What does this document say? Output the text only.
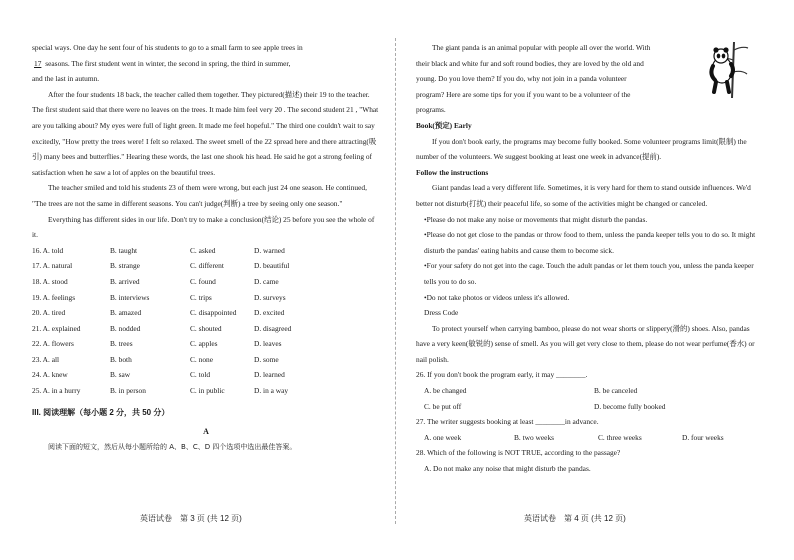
special ways. One day he sent four of his students to go to a small farm to see apple trees in

17 seasons. The first student went in winter, the second in spring, the third in summer,

and the last in autumn.

After the four students 18 back, the teacher called them together. They pictured(描述) their 19 to the teacher. The first student said that there were no leaves on the trees. It made him feel very 20 . The second student 21 , "What are you talking about? My eyes were full of light green. It made me feel hopeful." The third one couldn't wait to say excitedly, "How pretty the trees were! I felt so relaxed. The sweet smell of the 22 spread here and there attracting(吸引) many bees and butterflies." Hearing these words, the last one shook his head. He said he got a strong feeling of satisfaction when he saw a lot of apples on the beautiful trees.

The teacher smiled and told his students 23 of them were wrong, but each just 24 one season. He continued, "The trees are not the same in different seasons. You can't judge(判断) a tree by seeing only one season."

Everything has different sides in our life. Don't try to make a conclusion(结论) 25 before you see the whole of it.

16. A. told	B. taught	C. asked	D. warned
17. A. natural	B. strange	C. different	D. beautiful
18. A. stood	B. arrived	C. found	D. came
19. A. feelings	B. interviews	C. trips	D. surveys
20. A. tired	B. amazed	C. disappointed	D. excited
21. A. explained	B. nodded	C. shouted	D. disagreed
22. A. flowers	B. trees	C. apples	D. leaves
23. A. all	B. both	C. none	D. some
24. A. knew	B. saw	C. told	D. learned
25. A. in a hurry	B. in person	C. in public	D. in a way
III. 阅读理解（每小题 2 分，共 50 分）
A

阅读下面的短文，然后从每小题所给的 A、B、C、D 四个选项中选出最佳答案。

The giant panda is an animal popular with people all over the world. With their black and white fur and soft round bodies, they are loved by the old and young. Do you love them? If you do, why not join in a panda volunteer program? Here are some tips for you if you want to be a volunteer of the programs.

Book(预定) Early

If you don't book early, the programs may become fully booked. Some volunteer programs limit(限制) the number of the volunteers. We suggest booking at least one week in advance(提前).

Follow the instructions

Giant pandas lead a very different life. Sometimes, it is very hard for them to stand outside influences. We'd better not disturb(打扰) their peaceful life, so some of the activities might be changed or canceled.

•Please do not make any noise or movements that might disturb the pandas.

•Please do not get close to the pandas or throw food to them, unless the panda keeper tells you to do so. It might disturb the pandas' eating habits and cause them to become sick.

•For your safety do not get into the cage. Touch the adult pandas or let them touch you, unless the panda keeper tells you to do so.

•Do not take photos or videos unless it's allowed.

Dress Code

To protect yourself when carrying bamboo, please do not wear shorts or slippery(滑的) shoes. Also, pandas have a very keen(敏锐的) sense of smell. As you will get very close to them, please do not wear perfume(香水) or nail polish.

26. If you don't book the program early, it may ________.

A. be changed	B. be canceled
C. be put off	D. become fully booked

27. The writer suggests booking at least ________in advance.

A. one week	B. two weeks	C. three weeks	D. four weeks

28. Which of the following is NOT TRUE, according to the passage?

A. Do not make any noise that might disturb the pandas.

英语试卷　第 3 页 (共 12 页)	英语试卷　第 4 页 (共 12 页)
